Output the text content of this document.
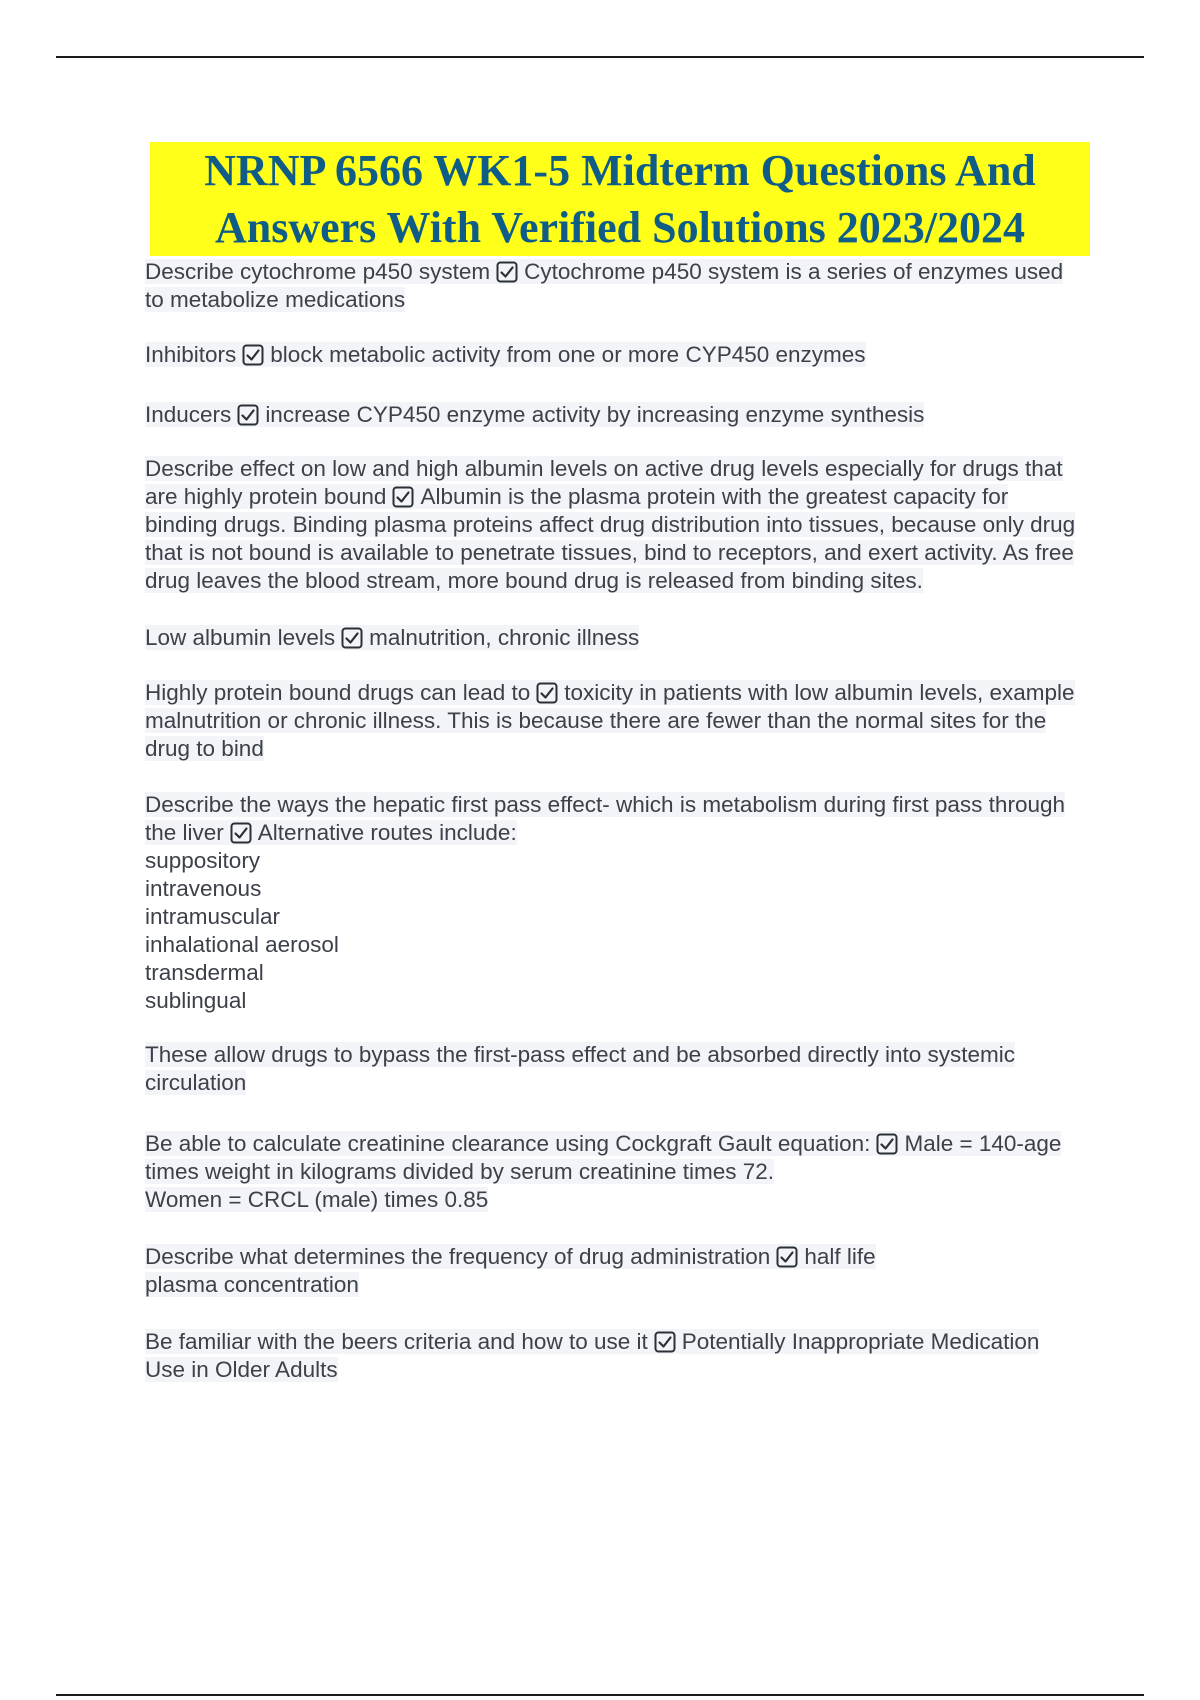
NRNP 6566 WK1-5 Midterm Questions And Answers With Verified Solutions 2023/2024

Describe cytochrome p450 system Cytochrome p450 system is a series of enzymes used to metabolize medications

Inhibitors block metabolic activity from one or more CYP450 enzymes

Inducers increase CYP450 enzyme activity by increasing enzyme synthesis

Describe effect on low and high albumin levels on active drug levels especially for drugs that are highly protein bound Albumin is the plasma protein with the greatest capacity for binding drugs. Binding plasma proteins affect drug distribution into tissues, because only drug that is not bound is available to penetrate tissues, bind to receptors, and exert activity. As free drug leaves the blood stream, more bound drug is released from binding sites.

Low albumin levels malnutrition, chronic illness

Highly protein bound drugs can lead to toxicity in patients with low albumin levels, example malnutrition or chronic illness. This is because there are fewer than the normal sites for the drug to bind

Describe the ways the hepatic first pass effect- which is metabolism during first pass through the liver Alternative routes include:

suppository
intravenous
intramuscular
inhalational aerosol
transdermal
sublingual

These allow drugs to bypass the first-pass effect and be absorbed directly into systemic circulation

Be able to calculate creatinine clearance using Cockgraft Gault equation: Male = 140-age times weight in kilograms divided by serum creatinine times 72.

Women = CRCL (male) times 0.85

Describe what determines the frequency of drug administration half life

plasma concentration

Be familiar with the beers criteria and how to use it Potentially Inappropriate Medication Use in Older Adults
